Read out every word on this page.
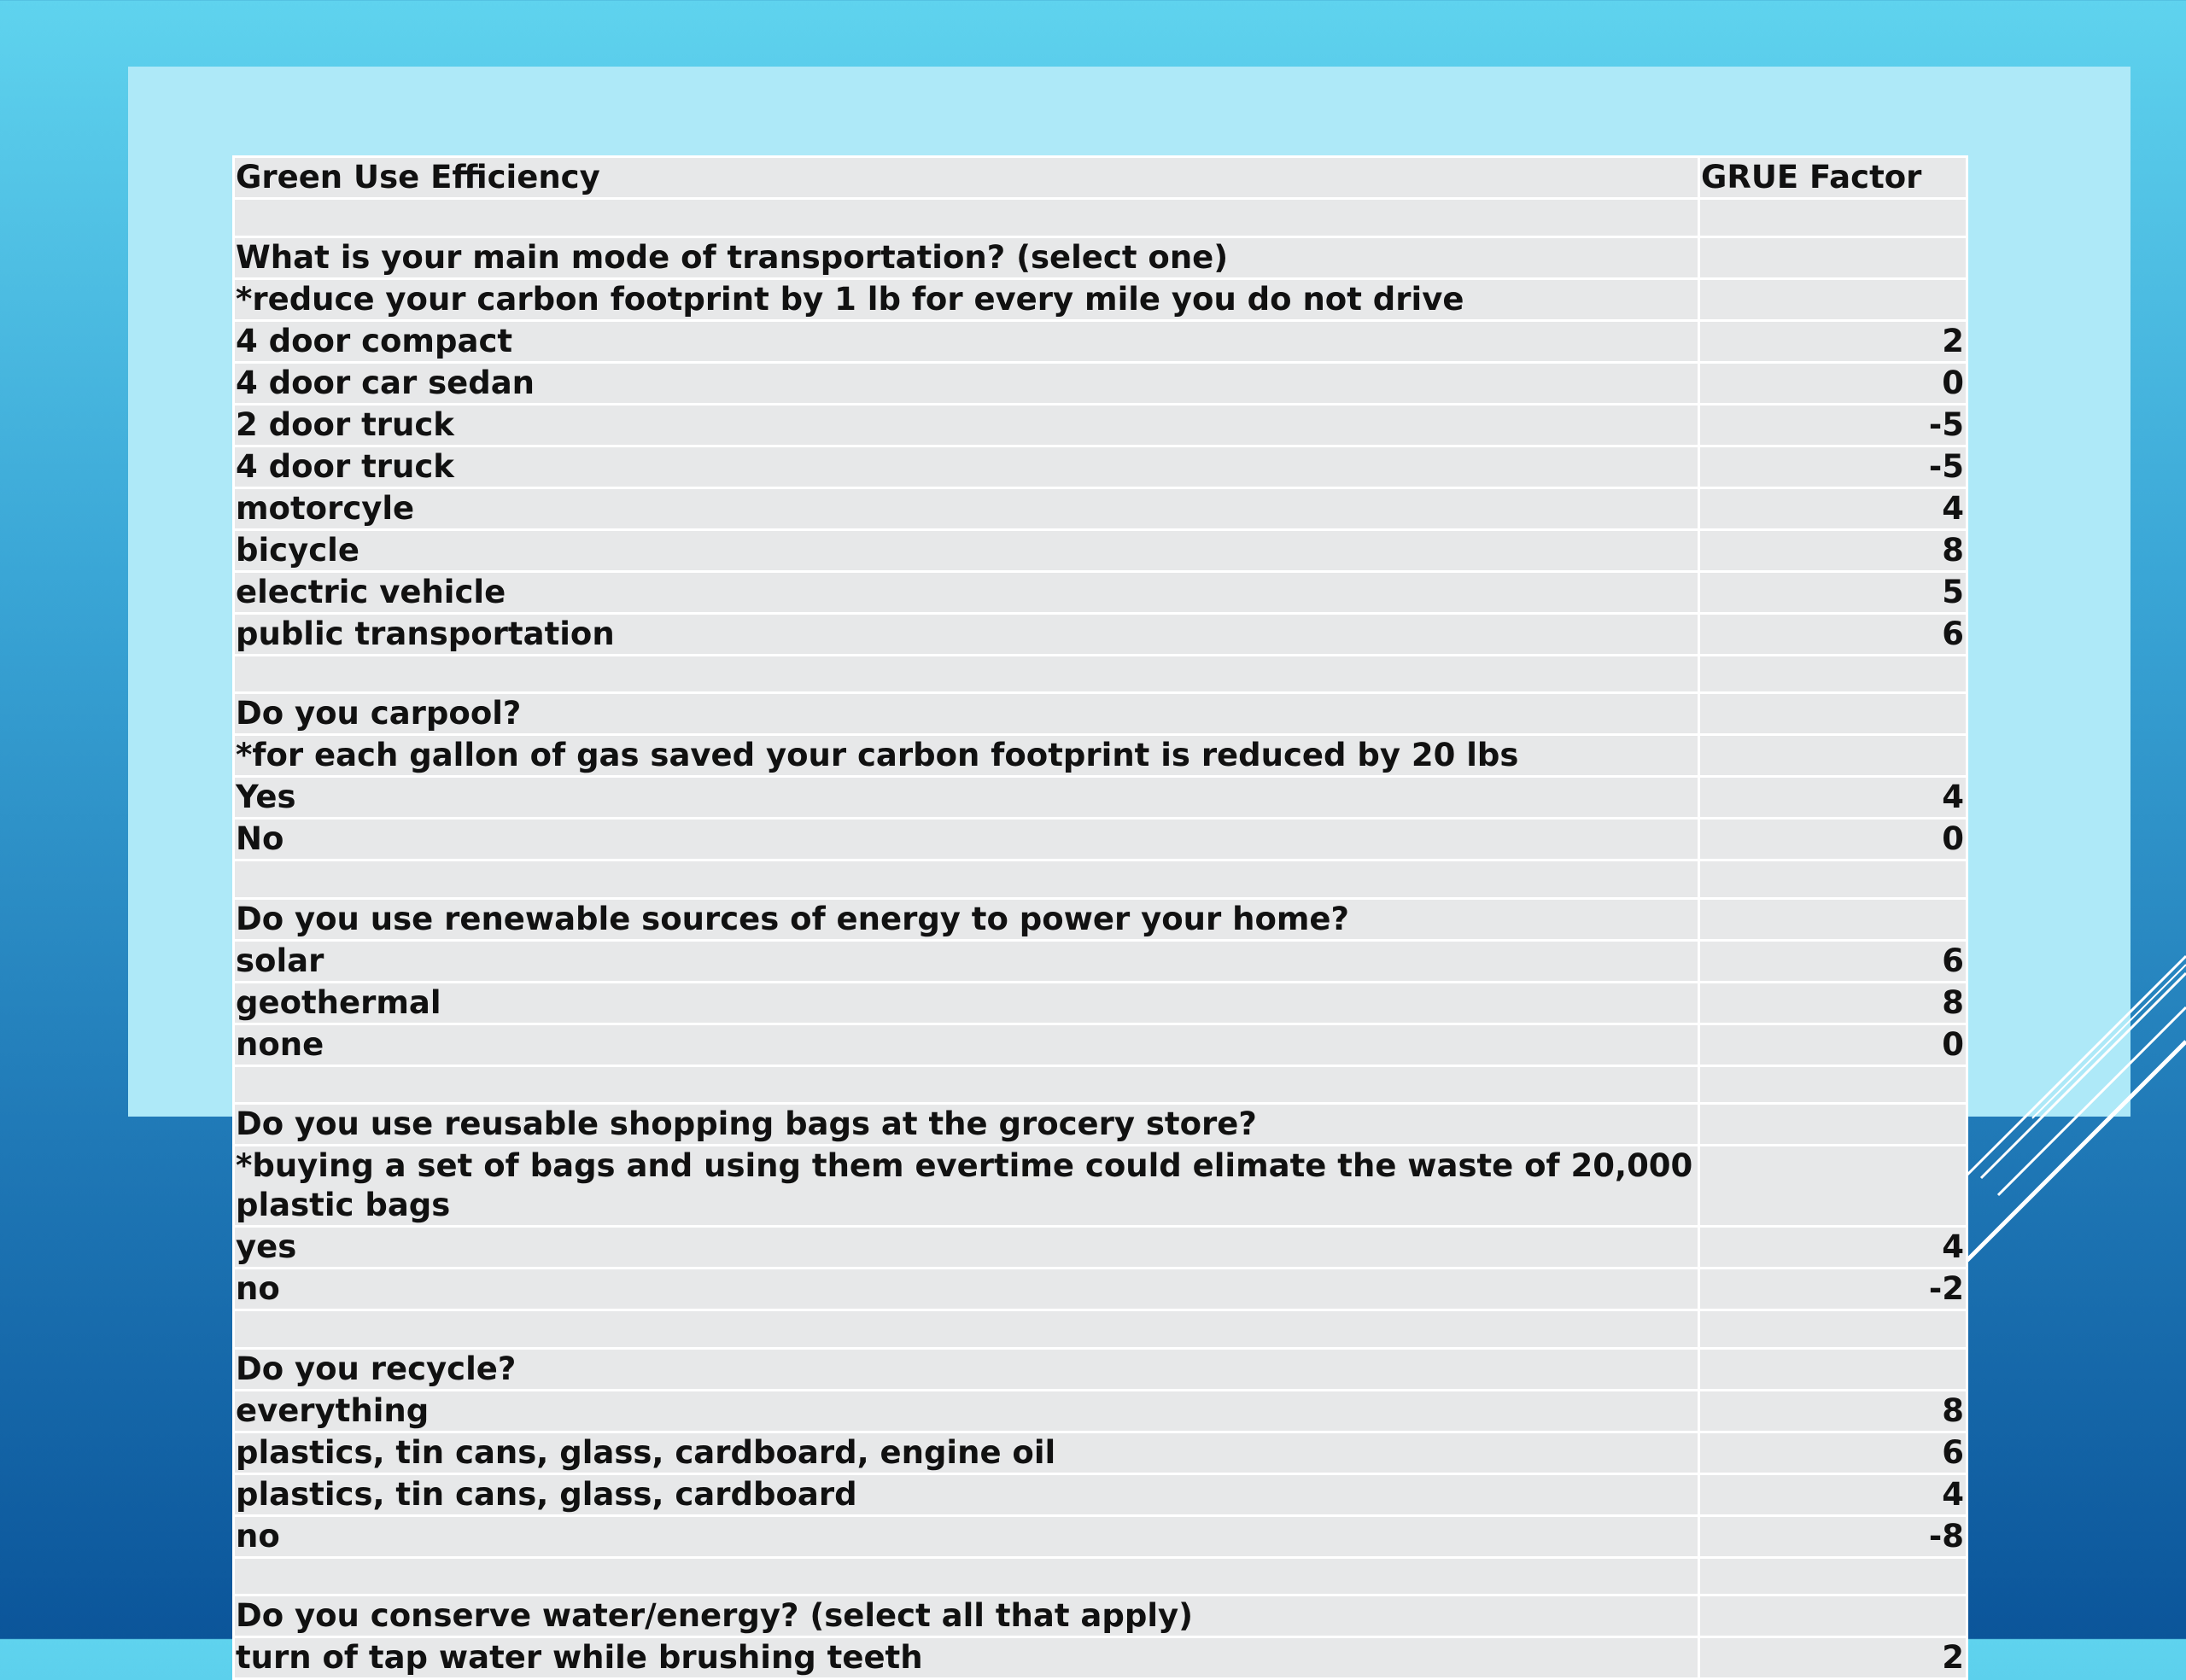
Green Use Efficiency	GRUE Factor

What is your main mode of transportation? (select one)	
*reduce your carbon footprint by 1 lb for every mile you do not drive	
4 door compact	2
4 door car sedan	0
2 door truck	-5
4 door truck	-5
motorcyle	4
bicycle	8
electric vehicle	5
public transportation	6

Do you carpool?	
*for each gallon of gas saved your carbon footprint is reduced by 20 lbs	
Yes	4
No	0

Do you use renewable sources of energy to power your home?	
solar	6
geothermal	8
none	0

Do you use reusable shopping bags at the grocery store?	
*buying a set of bags and using them evertime could elimate the waste of 20,000 plastic bags	
yes	4
no	-2

Do you recycle?	
everything	8
plastics, tin cans, glass, cardboard, engine oil	6
plastics, tin cans, glass, cardboard	4
no	-8

Do you conserve water/energy? (select all that apply)	
turn of tap water while brushing teeth	2
